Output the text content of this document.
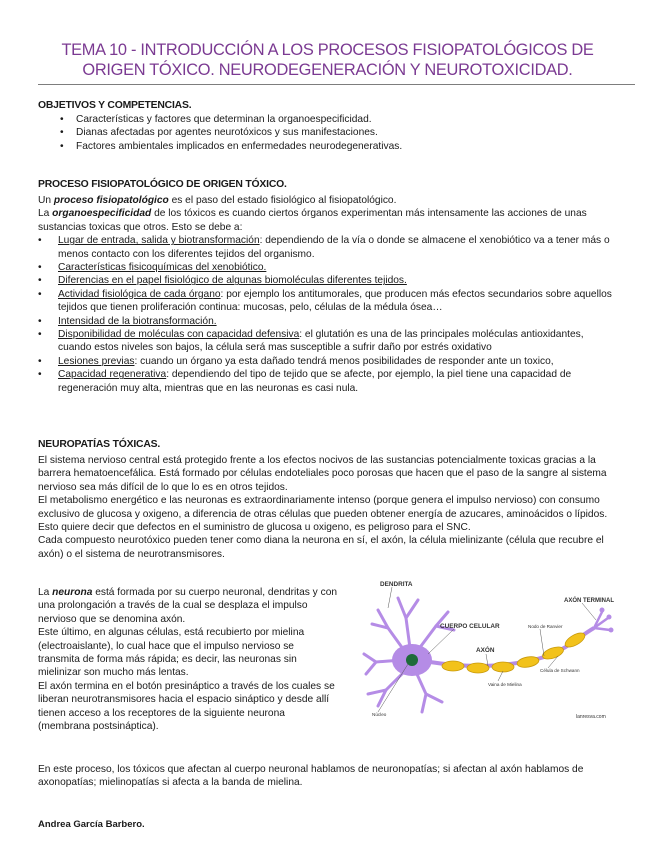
TEMA 10 - INTRODUCCIÓN A LOS PROCESOS FISIOPATOLÓGICOS DE
ORIGEN TÓXICO. NEURODEGENERACIÓN Y NEUROTOXICIDAD.
OBJETIVOS Y COMPETENCIAS.
• Características y factores que determinan la organoespecificidad.
• Dianas afectadas por agentes neurotóxicos y sus manifestaciones.
• Factores ambientales implicados en enfermedades neurodegenerativas.
PROCESO FISIOPATOLÓGICO DE ORIGEN TÓXICO.

Un proceso fisiopatológico es el paso del estado fisiológico al fisiopatológico.

La organoespecificidad de los tóxicos es cuando ciertos órganos experimentan más intensamente las acciones de unas sustancias toxicas que otros. Esto se debe a:

• Lugar de entrada, salida y biotransformación: dependiendo de la vía o donde se almacene el xenobiótico va a tener más o menos contacto con los diferentes tejidos del organismo.
• Características fisicoquímicas del xenobiótico.
• Diferencias en el papel fisiológico de algunas biomoléculas diferentes tejidos.
• Actividad fisiológica de cada órgano: por ejemplo los antitumorales, que producen más efectos secundarios sobre aquellos tejidos que tienen proliferación continua: mucosas, pelo, células de la médula ósea…
• Intensidad de la biotransformación.
• Disponibilidad de moléculas con capacidad defensiva: el glutatión es una de las principales moléculas antioxidantes, cuando estos niveles son bajos, la célula será mas susceptible a sufrir daño por estrés oxidativo
• Lesiones previas: cuando un órgano ya esta dañado tendrá menos posibilidades de responder ante un toxico,
• Capacidad regenerativa: dependiendo del tipo de tejido que se afecte, por ejemplo, la piel tiene una capacidad de regeneración muy alta, mientras que en las neuronas es casi nula.
NEUROPATÍAS TÓXICAS.

El sistema nervioso central está protegido frente a los efectos nocivos de las sustancias potencialmente toxicas gracias a la barrera hematoencefálica. Está formado por células endoteliales poco porosas que hacen que el paso de la sangre al sistema nervioso sea más difícil de lo que lo es en otros tejidos.

El metabolismo energético e las neuronas es extraordinariamente intenso (porque genera el impulso nervioso) con consumo exclusivo de glucosa y oxigeno, a diferencia de otras células que pueden obtener energía de azucares, aminoácidos o lípidos. Esto quiere decir que defectos en el suministro de glucosa u oxigeno, es peligroso para el SNC.

Cada compuesto neurotóxico pueden tener como diana la neurona en sí, el axón, la célula mielinizante (célula que recubre el axón) o el sistema de neurotransmisores.

La neurona está formada por su cuerpo neuronal, dendritas y con una prolongación a través de la cual se desplaza el impulso nervioso que se denomina axón.

Este último, en algunas células, está recubierto por mielina (electroaislante), lo cual hace que el impulso nervioso se transmita de forma más rápida; es decir, las neuronas sin mielinizar son mucho más lentas.

El axón termina en el botón presináptico a través de los cuales se liberan neurotransmisores hacia el espacio sináptico y desde allí tienen acceso a los receptores de la siguiente neurona (membrana postsináptica).

DENDRITA
CUERPO CELULAR
AXÓN
AXÓN TERMINAL
Nodo de Ranvier
Núcleo
Vaina de Mielina
Célula de Schwann
lanresva.com

En este proceso, los tóxicos que afectan al cuerpo neuronal hablamos de neuronopatías; si afectan al axón hablamos de axonopatías; mielinopatías si afecta a la banda de mielina.

Andrea García Barbero.
